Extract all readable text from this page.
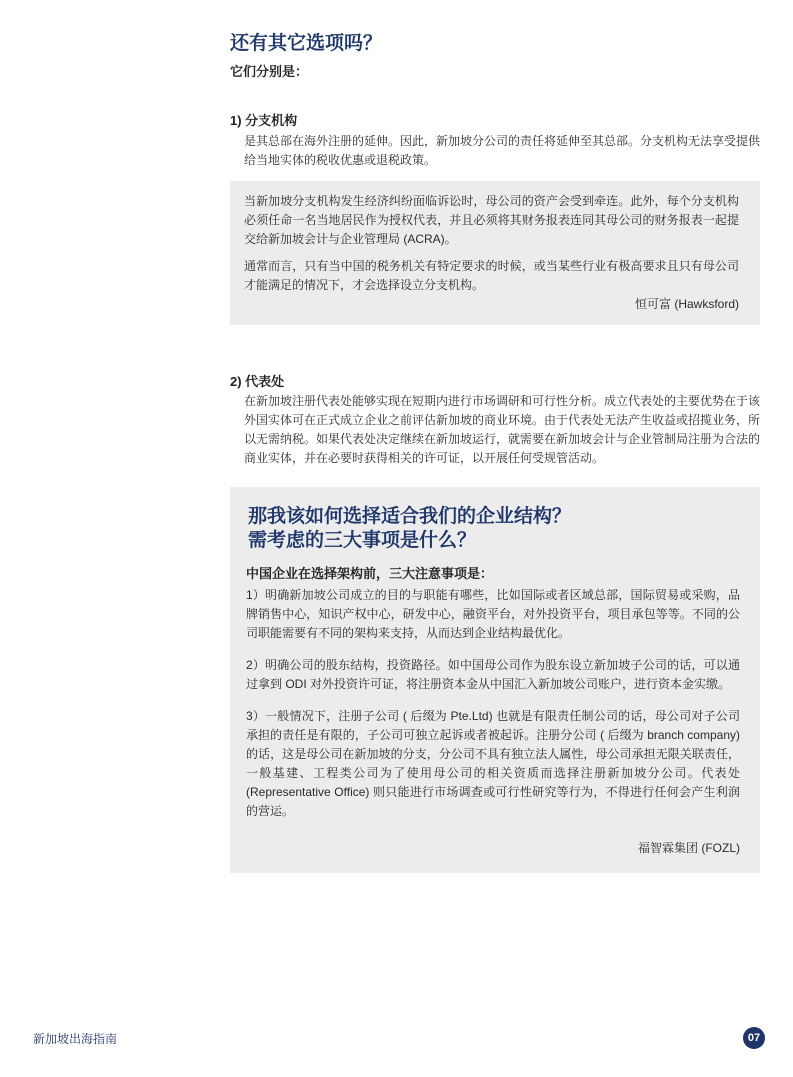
还有其它选项吗？
它们分别是：
1) 分支机构

是其总部在海外注册的延伸。因此，新加坡分公司的责任将延伸至其总部。分支机构无法享受提供给当地实体的税收优惠或退税政策。

当新加坡分支机构发生经济纠纷面临诉讼时，母公司的资产会受到牵连。此外，每个分支机构必须任命一名当地居民作为授权代表，并且必须将其财务报表连同其母公司的财务报表一起提交给新加坡会计与企业管理局 (ACRA)。

通常而言，只有当中国的税务机关有特定要求的时候，或当某些行业有极高要求且只有母公司才能满足的情况下，才会选择设立分支机构。

恒可富 (Hawksford)

2) 代表处

在新加坡注册代表处能够实现在短期内进行市场调研和可行性分析。成立代表处的主要优势在于该外国实体可在正式成立企业之前评估新加坡的商业环境。由于代表处无法产生收益或招揽业务，所以无需纳税。如果代表处决定继续在新加坡运行，就需要在新加坡会计与企业管制局注册为合法的商业实体，并在必要时获得相关的许可证，以开展任何受规管活动。

那我该如何选择适合我们的企业结构？
需考虑的三大事项是什么？

中国企业在选择架构前，三大注意事项是：

1）明确新加坡公司成立的目的与职能有哪些，比如国际或者区域总部，国际贸易或采购，品牌销售中心，知识产权中心，研发中心，融资平台，对外投资平台，项目承包等等。不同的公司职能需要有不同的架构来支持，从而达到企业结构最优化。

2）明确公司的股东结构，投资路径。如中国母公司作为股东设立新加坡子公司的话，可以通过拿到 ODI 对外投资许可证，将注册资本金从中国汇入新加坡公司账户，进行资本金实缴。

3）一般情况下，注册子公司 ( 后缀为 Pte.Ltd) 也就是有限责任制公司的话，母公司对子公司承担的责任是有限的，子公司可独立起诉或者被起诉。注册分公司 ( 后缀为 branch company) 的话，这是母公司在新加坡的分支，分公司不具有独立法人属性，母公司承担无限关联责任，一般基建、工程类公司为了使用母公司的相关资质而选择注册新加坡分公司。代表处 (Representative Office) 则只能进行市场调查或可行性研究等行为，不得进行任何会产生利润的营运。

福智霖集团 (FOZL)

新加坡出海指南	07
